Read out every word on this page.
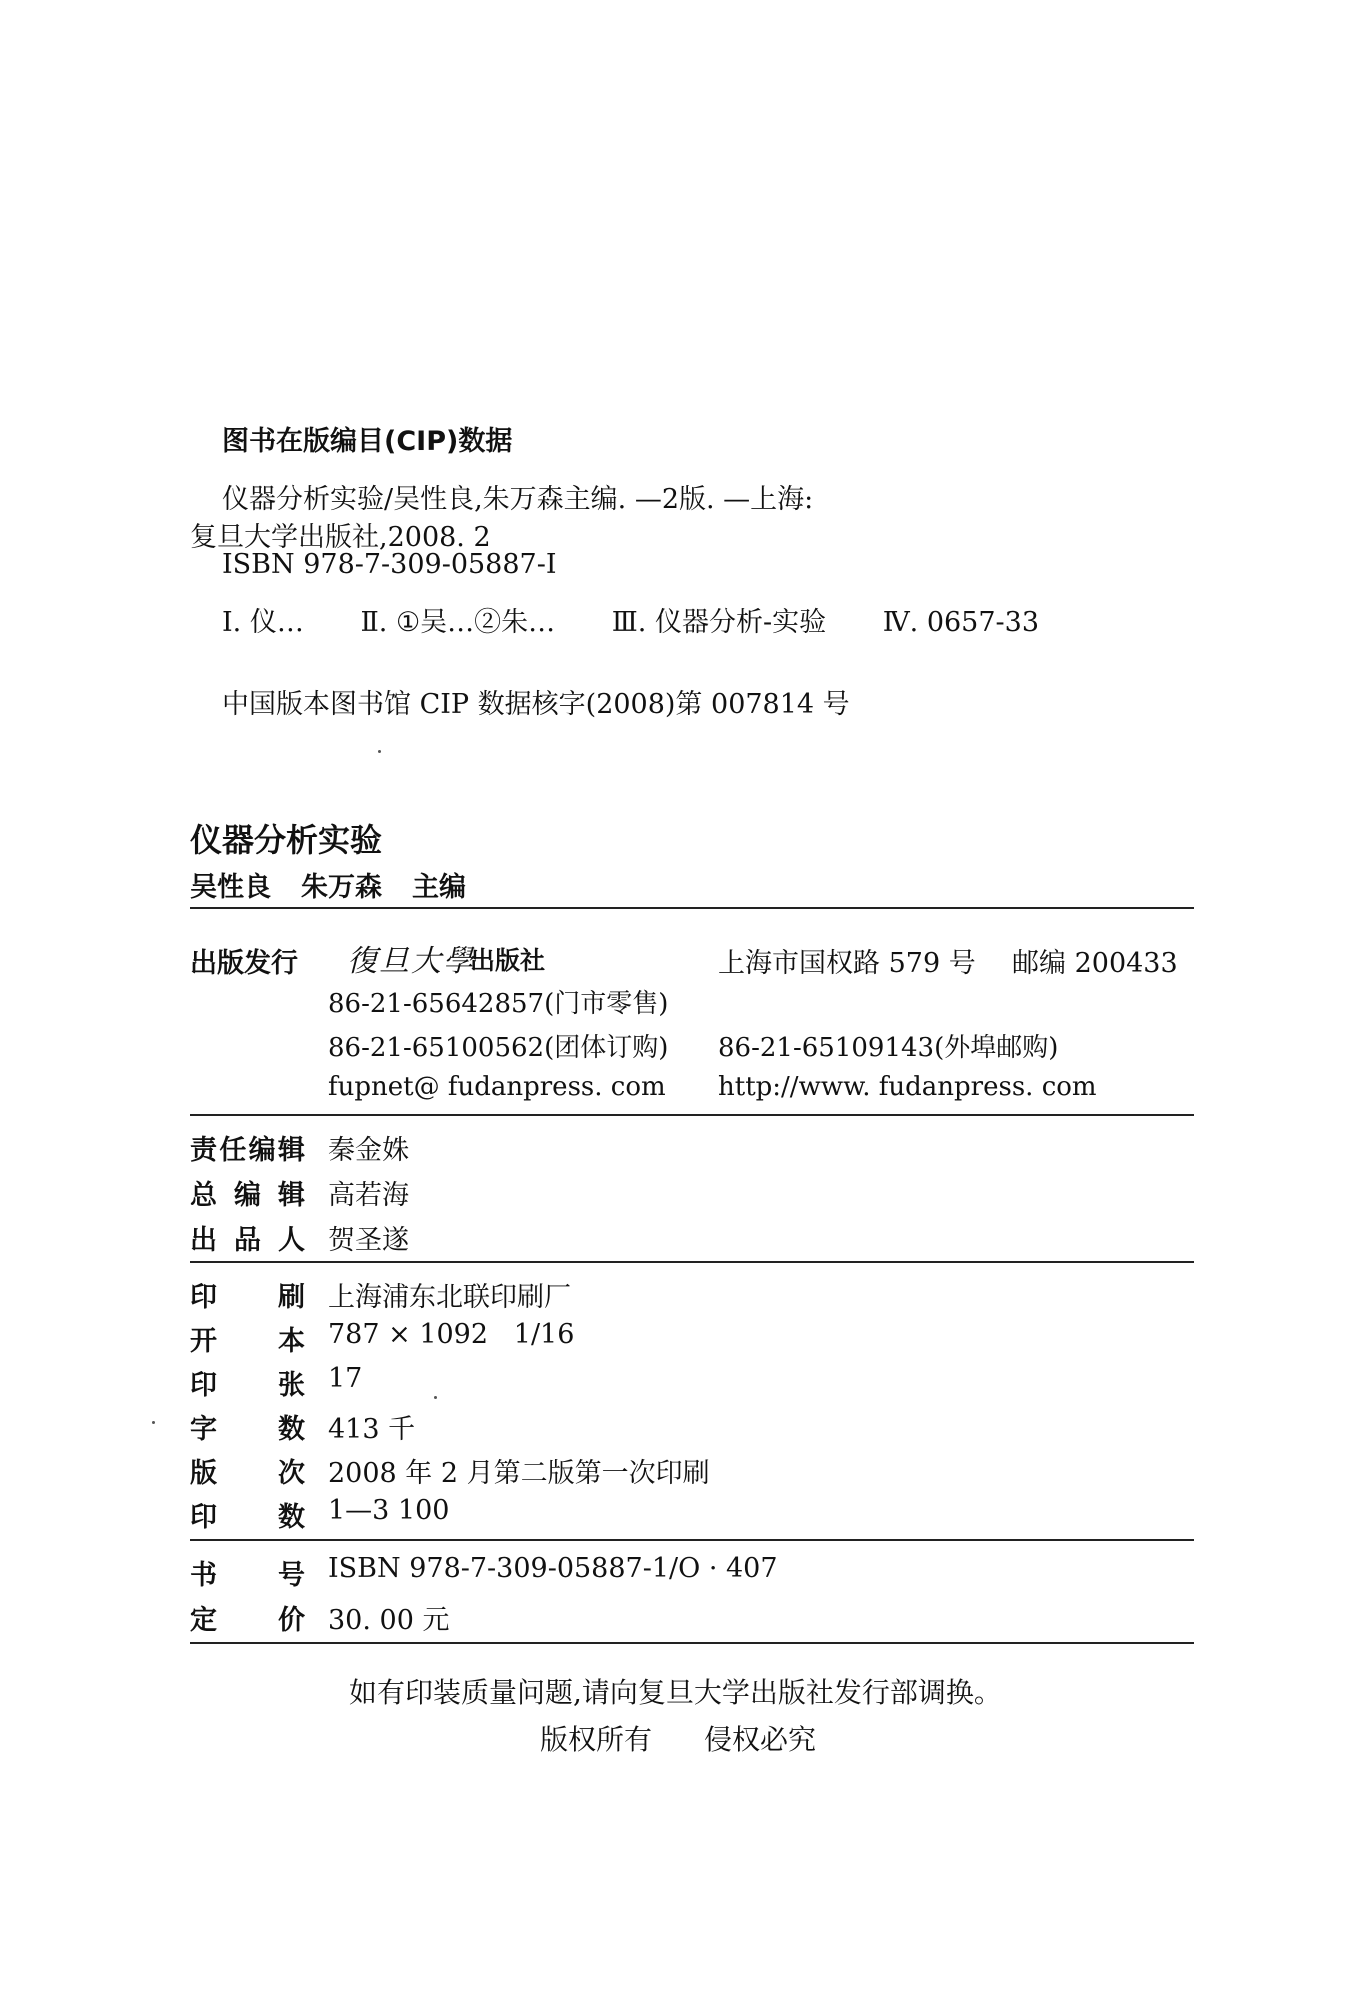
图书在版编目(CIP)数据
仪器分析实验/吴性良,朱万森主编. —2版. —上海:
复旦大学出版社,2008. 2
ISBN 978-7-309-05887-I
Ⅰ. 仪… Ⅱ. ①吴…②朱… Ⅲ. 仪器分析-实验 Ⅳ. 0657-33
中国版本图书馆 CIP 数据核字(2008)第 007814 号
仪器分析实验
吴性良 朱万森 主编
出版发行 復旦大學
出版社	上海市国权路 579 号 邮编 200433
86-21-65642857(门市零售)
86-21-65100562(团体订购) 86-21-65109143(外埠邮购)
fupnet@ fudanpress. com http://www. fudanpress. com
责 任 编 辑 秦金姝
总 编 辑 高若海
出 品 人 贺圣遂
印 刷 上海浦东北联印刷厂
开 本 787 × 1092   1/16
印 张 17
字 数 413 千
版 次 2008 年 2 月第二版第一次印刷
印 数 1—3 100
书 号 ISBN 978-7-309-05887-1/O · 407
定 价 30. 00 元
如有印装质量问题,请向复旦大学出版社发行部调换。
版权所有 侵权必究
